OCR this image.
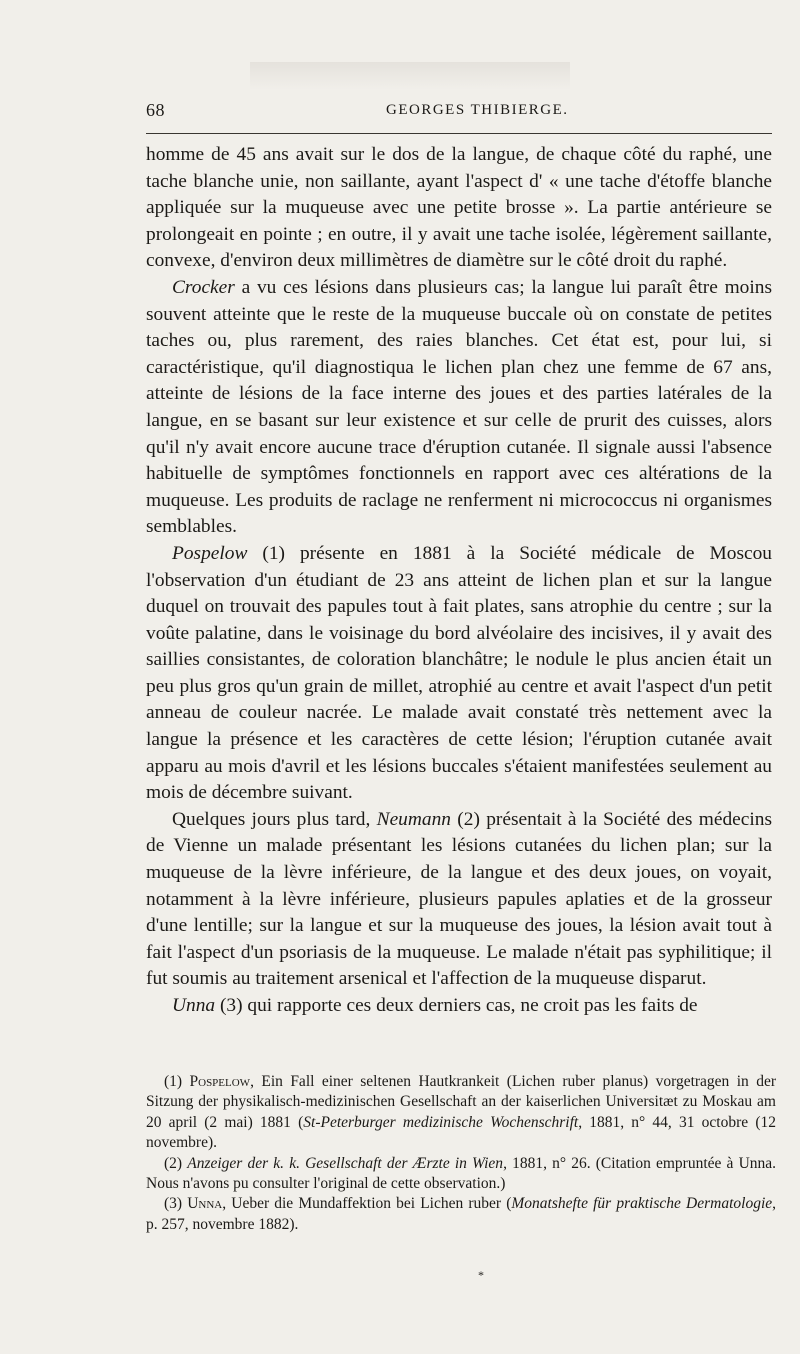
68	GEORGES THIBIERGE.

homme de 45 ans avait sur le dos de la langue, de chaque côté du raphé, une tache blanche unie, non saillante, ayant l'aspect d' « une tache d'étoffe blanche appliquée sur la muqueuse avec une petite brosse ». La partie antérieure se prolongeait en pointe ; en outre, il y avait une tache isolée, légèrement saillante, convexe, d'environ deux millimètres de diamètre sur le côté droit du raphé.

Crocker a vu ces lésions dans plusieurs cas; la langue lui paraît être moins souvent atteinte que le reste de la muqueuse buccale où on constate de petites taches ou, plus rarement, des raies blanches. Cet état est, pour lui, si caractéristique, qu'il diagnostiqua le lichen plan chez une femme de 67 ans, atteinte de lésions de la face interne des joues et des parties latérales de la langue, en se basant sur leur existence et sur celle de prurit des cuisses, alors qu'il n'y avait encore aucune trace d'éruption cutanée. Il signale aussi l'absence habituelle de symptômes fonctionnels en rapport avec ces altérations de la muqueuse. Les produits de raclage ne renferment ni micrococcus ni organismes semblables.

Pospelow (1) présente en 1881 à la Société médicale de Moscou l'observation d'un étudiant de 23 ans atteint de lichen plan et sur la langue duquel on trouvait des papules tout à fait plates, sans atrophie du centre ; sur la voûte palatine, dans le voisinage du bord alvéolaire des incisives, il y avait des saillies consistantes, de coloration blanchâtre; le nodule le plus ancien était un peu plus gros qu'un grain de millet, atrophié au centre et avait l'aspect d'un petit anneau de couleur nacrée. Le malade avait constaté très nettement avec la langue la présence et les caractères de cette lésion; l'éruption cutanée avait apparu au mois d'avril et les lésions buccales s'étaient manifestées seulement au mois de décembre suivant.

Quelques jours plus tard, Neumann (2) présentait à la Société des médecins de Vienne un malade présentant les lésions cutanées du lichen plan; sur la muqueuse de la lèvre inférieure, de la langue et des deux joues, on voyait, notamment à la lèvre inférieure, plusieurs papules aplaties et de la grosseur d'une lentille; sur la langue et sur la muqueuse des joues, la lésion avait tout à fait l'aspect d'un psoriasis de la muqueuse. Le malade n'était pas syphilitique; il fut soumis au traitement arsenical et l'affection de la muqueuse disparut.

Unna (3) qui rapporte ces deux derniers cas, ne croit pas les faits de

(1) Pospelow, Ein Fall einer seltenen Hautkrankeit (Lichen ruber planus) vorgetragen in der Sitzung der physikalisch-medizinischen Gesellschaft an der kaiserlichen Universitæt zu Moskau am 20 april (2 mai) 1881 (St-Peterburger medizinische Wochenschrift, 1881, n° 44, 31 octobre (12 novembre).

(2) Anzeiger der k. k. Gesellschaft der Ærzte in Wien, 1881, n° 26. (Citation empruntée à Unna. Nous n'avons pu consulter l'original de cette observation.)

(3) Unna, Ueber die Mundaffektion bei Lichen ruber (Monatshefte für praktische Dermatologie, p. 257, novembre 1882).

*
